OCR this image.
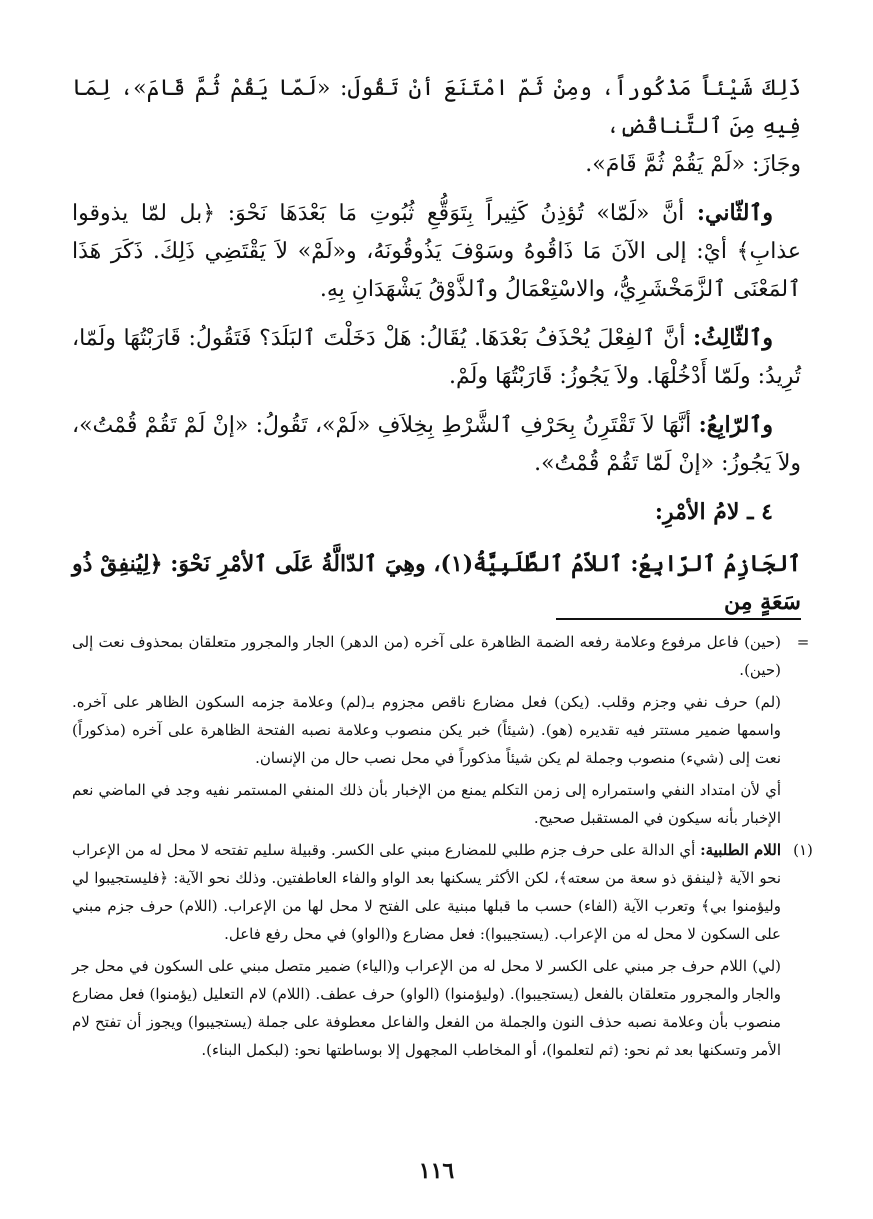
ذَلِكَ شَيْئاً مَذْكُوراً، ومِنْ ثَمّ امْتَنَعَ أنْ تَقُولَ: «لَمّا يَقُمْ ثُمَّ قَامَ»، لِمَا فِيهِ مِنَ ٱلتَّناقُضِ،
وجَازَ: «لَمْ يَقُمْ ثُمَّ قَامَ».

وٱلثّاني: أنَّ «لَمّا» تُؤذِنُ كَثِيراً بِتَوَقُّعِ ثُبُوتِ مَا بَعْدَهَا نَحْوَ: ﴿بل لمّا يذوقوا عذابِ﴾ أيْ: إلى الآنَ مَا ذَاقُوهُ وسَوْفَ يَذُوقُونَهُ، و«لَمْ» لاَ يَقْتَضِي ذَلِكَ. ذَكَرَ هَذَا ٱلمَعْنَى ٱلزَّمَخْشَرِيُّ، والاسْتِعْمَالُ وٱلذَّوْقُ يَشْهَدَانِ بِهِ.

وٱلثّالِثُ: أنَّ ٱلفِعْلَ يُحْذَفُ بَعْدَهَا. يُقَالُ: هَلْ دَخَلْتَ ٱلبَلَدَ؟ فَتَقُولُ: قَارَبْتُهَا ولَمّا، تُرِيدُ: ولَمّا أَدْخُلْهَا. ولاَ يَجُوزُ: قَارَبْتُهَا ولَمْ.

وٱلرّابِعُ: أنَّهَا لاَ تَقْتَرِنُ بِحَرْفِ ٱلشَّرْطِ بِخِلاَفِ «لَمْ»، تَقُولُ: «إنْ لَمْ تَقُمْ قُمْتُ»، ولاَ يَجُوزُ: «إنْ لَمّا تَقُمْ قُمْتُ».

٤ ـ لامُ الأمْرِ:

ٱلجَازِمُ ٱلرّابِعُ: ٱللاّمُ ٱلطَّلَبِيَّةُ(١)، وهِيَ ٱلدّالَّةُ عَلَى ٱلأمْرِ نَحْوَ: ﴿لِيُنفِقْ ذُو سَعَةٍ مِن

=

(حين) فاعل مرفوع وعلامة رفعه الضمة الظاهرة على آخره (من الدهر) الجار والمجرور متعلقان بمحذوف نعت إلى (حين).

(لم) حرف نفي وجزم وقلب. (يكن) فعل مضارع ناقص مجزوم بـ(لم) وعلامة جزمه السكون الظاهر على آخره. واسمها ضمير مستتر فيه تقديره (هو). (شيئاً) خبر يكن منصوب وعلامة نصبه الفتحة الظاهرة على آخره (مذكوراً) نعت إلى (شيء) منصوب وجملة لم يكن شيئاً مذكوراً في محل نصب حال من الإنسان.

أي لأن امتداد النفي واستمراره إلى زمن التكلم يمنع من الإخبار بأن ذلك المنفي المستمر نفيه وجد في الماضي نعم الإخبار بأنه سيكون في المستقبل صحيح.

(١)

اللام الطلبية: أي الدالة على حرف جزم طلبي للمضارع مبني على الكسر. وقبيلة سليم تفتحه لا محل له من الإعراب نحو الآية ﴿لينفق ذو سعة من سعته﴾، لكن الأكثر يسكنها بعد الواو والفاء العاطفتين. وذلك نحو الآية: ﴿فليستجيبوا لي وليؤمنوا بي﴾ وتعرب الآية (الفاء) حسب ما قبلها مبنية على الفتح لا محل لها من الإعراب. (اللام) حرف جزم مبني على السكون لا محل له من الإعراب. (يستجيبوا): فعل مضارع و(الواو) في محل رفع فاعل.

(لي) اللام حرف جر مبني على الكسر لا محل له من الإعراب و(الياء) ضمير متصل مبني على السكون في محل جر والجار والمجرور متعلقان بالفعل (يستجيبوا). (وليؤمنوا) (الواو) حرف عطف. (اللام) لام التعليل (يؤمنوا) فعل مضارع منصوب بأن وعلامة نصبه حذف النون والجملة من الفعل والفاعل معطوفة على جملة (يستجيبوا) ويجوز أن تفتح لام الأمر وتسكنها بعد ثم نحو: (ثم لتعلموا)، أو المخاطب المجهول إلا بوساطتها نحو: (لبكمل البناء).

١١٦
